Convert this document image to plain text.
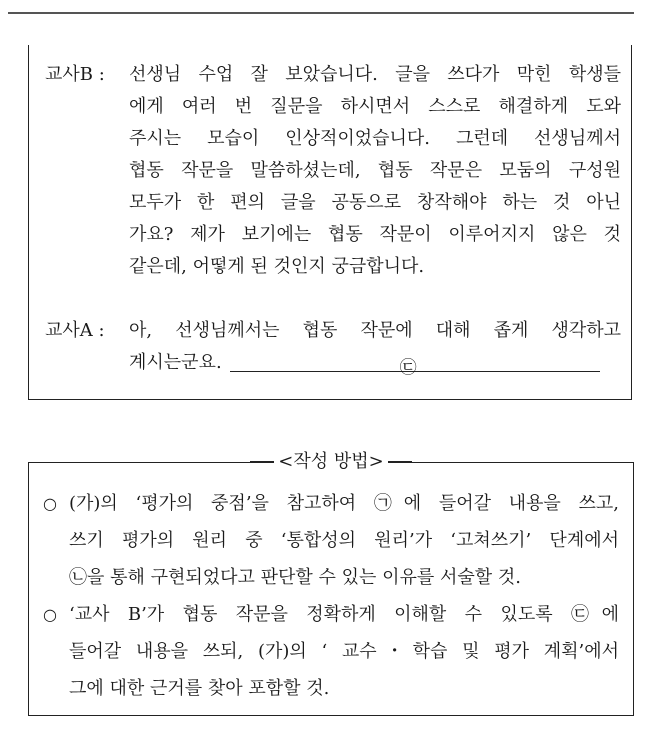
교사B :	선생님 수업 잘 보았습니다. 글을 쓰다가 막힌 학생들
에게 여러 번 질문을 하시면서 스스로 해결하게 도와
주시는 모습이 인상적이었습니다. 그런데 선생님께서
협동 작문을 말씀하셨는데, 협동 작문은 모둠의 구성원
모두가 한 편의 글을 공동으로 창작해야 하는 것 아닌
가요? 제가 보기에는 협동 작문이 이루어지지 않은 것
같은데, 어떻게 된 것인지 궁금합니다.
교사A :	아, 선생님께서는 협동 작문에 대해 좁게 생각하고
계시는군요.	㉢
<작성 방법>
○ (가)의 ‘평가의 중점’을 참고하여 ㉠에 들어갈 내용을 쓰고,
쓰기 평가의 원리 중 ‘통합성의 원리’가 ‘고쳐쓰기’ 단계에서
㉡을 통해 구현되었다고 판단할 수 있는 이유를 서술할 것.
○ ‘교사 B’가 협동 작문을 정확하게 이해할 수 있도록 ㉢에
들어갈 내용을 쓰되, (가)의 ‘ 교수・학습 및 평가 계획’에서
그에 대한 근거를 찾아 포함할 것.
